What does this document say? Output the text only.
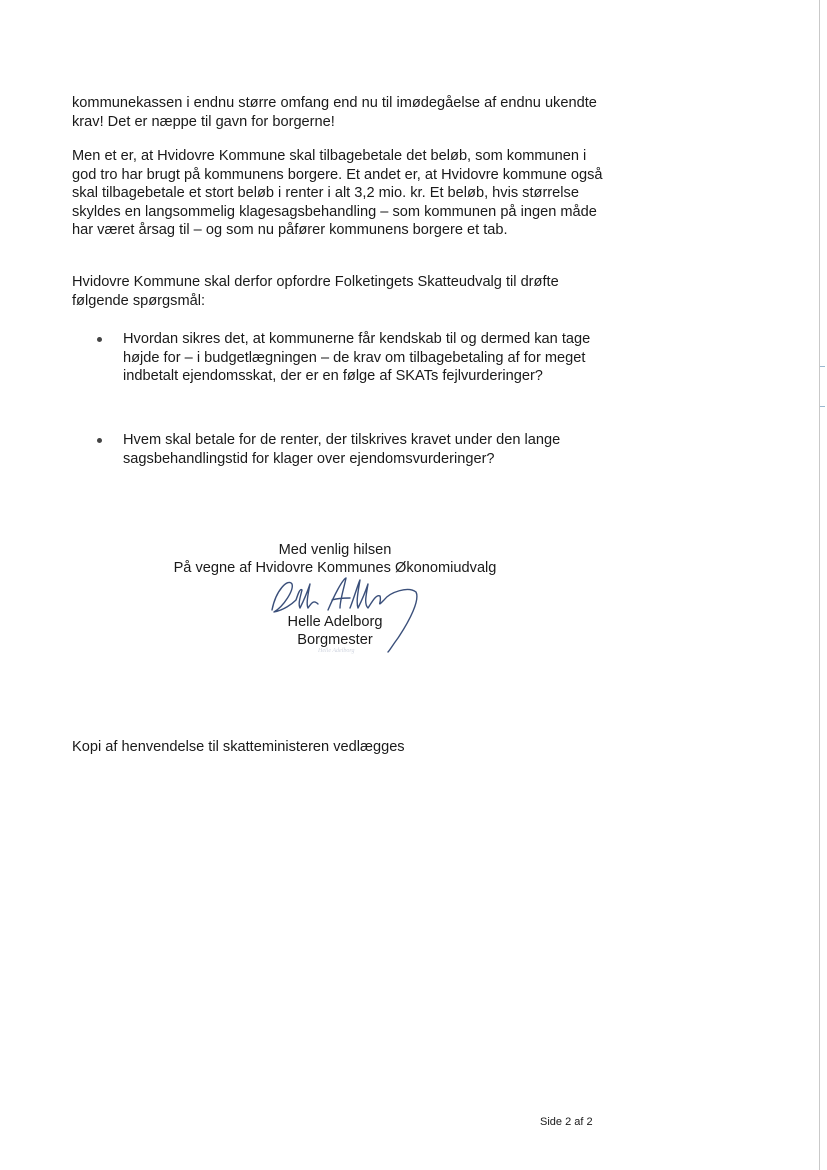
kommunekassen i endnu større omfang end nu til imødegåelse af endnu ukendte krav! Det er næppe til gavn for borgerne!

Men et er, at Hvidovre Kommune skal tilbagebetale det beløb, som kommunen i god tro har brugt på kommunens borgere. Et andet er, at Hvidovre kommune også skal tilbagebetale et stort beløb i renter i alt 3,2 mio. kr. Et beløb, hvis størrelse skyldes en langsommelig klagesagsbehandling – som kommunen på ingen måde har været årsag til – og som nu påfører kommunens borgere et tab.

Hvidovre Kommune skal derfor opfordre Folketingets Skatteudvalg til drøfte følgende spørgsmål:

Hvordan sikres det, at kommunerne får kendskab til og dermed kan tage højde for – i budgetlægningen – de krav om tilbagebetaling af for meget indbetalt ejendomsskat, der er en følge af SKATs fejlvurderinger?
Hvem skal betale for de renter, der tilskrives kravet under den lange sagsbehandlingstid for klager over ejendomsvurderinger?
Med venlig hilsen
På vegne af Hvidovre Kommunes Økonomiudvalg
Helle Adelborg
Helle Adelborg
Borgmester
Kopi af henvendelse til skatteministeren vedlægges
Side 2 af 2
